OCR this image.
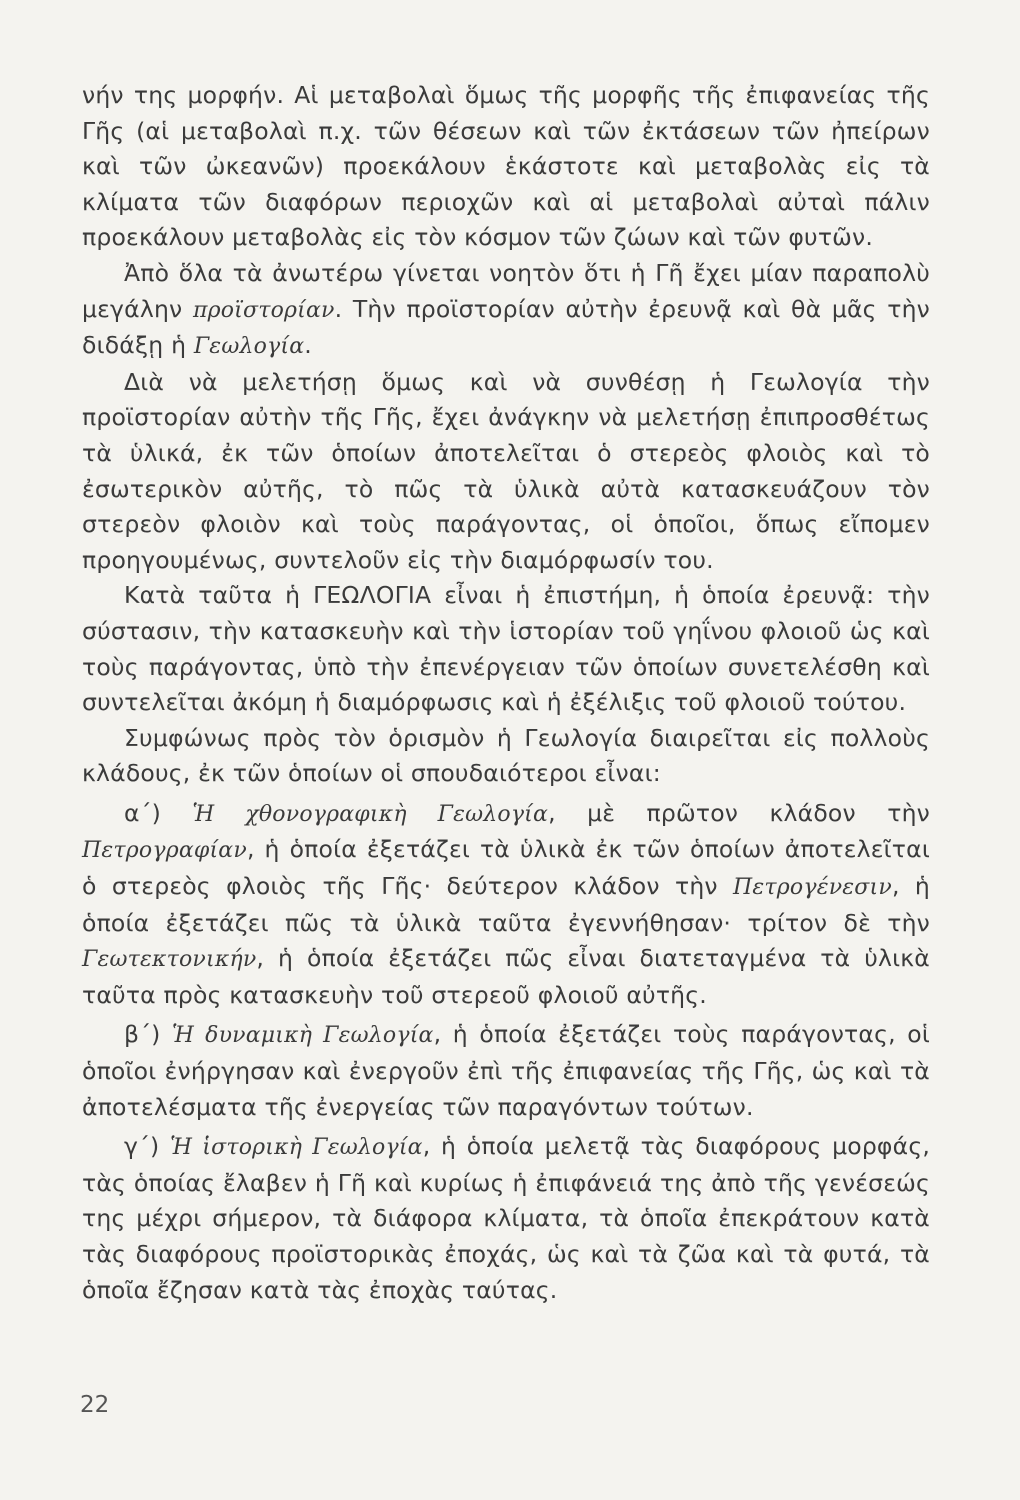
νήν της μορφήν. Αἱ μεταβολαὶ ὅμως τῆς μορφῆς τῆς ἐπιφανείας τῆς Γῆς (αἱ μεταβολαὶ π.χ. τῶν θέσεων καὶ τῶν ἐκτάσεων τῶν ἠπείρων καὶ τῶν ὠκεανῶν) προεκάλουν ἑκάστοτε καὶ μεταβολὰς εἰς τὰ κλίματα τῶν διαφόρων περιοχῶν καὶ αἱ μεταβολαὶ αὐταὶ πάλιν προεκάλουν μεταβολὰς εἰς τὸν κόσμον τῶν ζώων καὶ τῶν φυτῶν.

Ἀπὸ ὅλα τὰ ἀνωτέρω γίνεται νοητὸν ὅτι ἡ Γῆ ἔχει μίαν παραπολὺ μεγάλην προϊστορίαν. Τὴν προϊστορίαν αὐτὴν ἐρευνᾷ καὶ θὰ μᾶς τὴν διδάξῃ ἡ Γεωλογία.

Διὰ νὰ μελετήσῃ ὅμως καὶ νὰ συνθέσῃ ἡ Γεωλογία τὴν προϊστορίαν αὐτὴν τῆς Γῆς, ἔχει ἀνάγκην νὰ μελετήσῃ ἐπιπροσθέτως τὰ ὑλικά, ἐκ τῶν ὁποίων ἀποτελεῖται ὁ στερεὸς φλοιὸς καὶ τὸ ἐσωτερικὸν αὐτῆς, τὸ πῶς τὰ ὑλικὰ αὐτὰ κατασκευάζουν τὸν στερεὸν φλοιὸν καὶ τοὺς παράγοντας, οἱ ὁποῖοι, ὅπως εἴπομεν προηγουμένως, συντελοῦν εἰς τὴν διαμόρφωσίν του.

Κατὰ ταῦτα ἡ ΓΕΩΛΟΓΙΑ εἶναι ἡ ἐπιστήμη, ἡ ὁποία ἐρευνᾷ: τὴν σύστασιν, τὴν κατασκευὴν καὶ τὴν ἱστορίαν τοῦ γηΐνου φλοιοῦ ὡς καὶ τοὺς παράγοντας, ὑπὸ τὴν ἐπενέργειαν τῶν ὁποίων συνετελέσθη καὶ συντελεῖται ἀκόμη ἡ διαμόρφωσις καὶ ἡ ἐξέλιξις τοῦ φλοιοῦ τούτου.

Συμφώνως πρὸς τὸν ὁρισμὸν ἡ Γεωλογία διαιρεῖται εἰς πολλοὺς κλάδους, ἐκ τῶν ὁποίων οἱ σπουδαιότεροι εἶναι:

α´) Ἡ χθονογραφικὴ Γεωλογία, μὲ πρῶτον κλάδον τὴν Πετρογραφίαν, ἡ ὁποία ἐξετάζει τὰ ὑλικὰ ἐκ τῶν ὁποίων ἀποτελεῖται ὁ στερεὸς φλοιὸς τῆς Γῆς· δεύτερον κλάδον τὴν Πετρογένεσιν, ἡ ὁποία ἐξετάζει πῶς τὰ ὑλικὰ ταῦτα ἐγεννήθησαν· τρίτον δὲ τὴν Γεωτεκτονικήν, ἡ ὁποία ἐξετάζει πῶς εἶναι διατεταγμένα τὰ ὑλικὰ ταῦτα πρὸς κατασκευὴν τοῦ στερεοῦ φλοιοῦ αὐτῆς.

β´) Ἡ δυναμικὴ Γεωλογία, ἡ ὁποία ἐξετάζει τοὺς παράγοντας, οἱ ὁποῖοι ἐνήργησαν καὶ ἐνεργοῦν ἐπὶ τῆς ἐπιφανείας τῆς Γῆς, ὡς καὶ τὰ ἀποτελέσματα τῆς ἐνεργείας τῶν παραγόντων τούτων.

γ´) Ἡ ἱστορικὴ Γεωλογία, ἡ ὁποία μελετᾷ τὰς διαφόρους μορφάς, τὰς ὁποίας ἔλαβεν ἡ Γῆ καὶ κυρίως ἡ ἐπιφάνειά της ἀπὸ τῆς γενέσεώς της μέχρι σήμερον, τὰ διάφορα κλίματα, τὰ ὁποῖα ἐπεκράτουν κατὰ τὰς διαφόρους προϊστορικὰς ἐποχάς, ὡς καὶ τὰ ζῶα καὶ τὰ φυτά, τὰ ὁποῖα ἔζησαν κατὰ τὰς ἐποχὰς ταύτας.

22
